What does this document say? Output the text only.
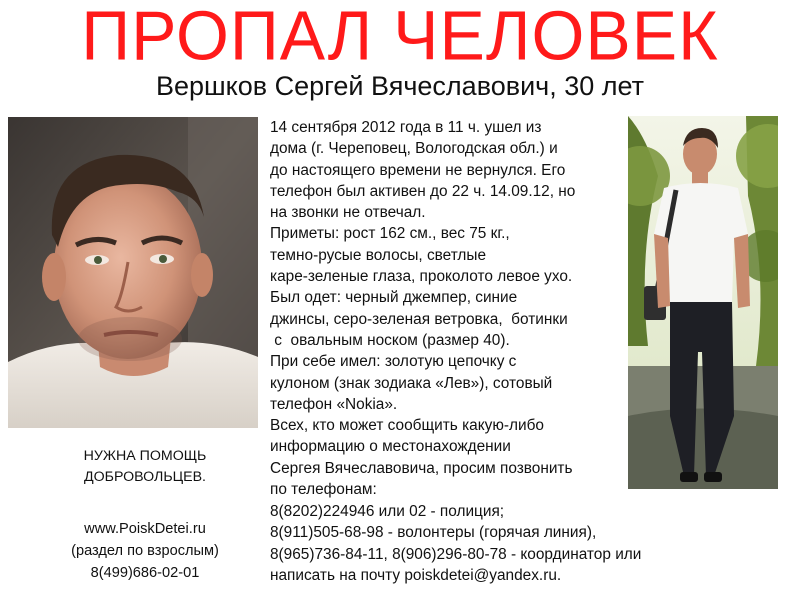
ПРОПАЛ ЧЕЛОВЕК
Вершков Сергей Вячеславович, 30 лет
14 сентября 2012 года в 11 ч. ушел из
дома (г. Череповец, Вологодская обл.) и
до настоящего времени не вернулся. Его
телефон был активен до 22 ч. 14.09.12, но
на звонки не отвечал.
Приметы: рост 162 см., вес 75 кг.,
темно-русые волосы, светлые
каре-зеленые глаза, проколото левое ухо.
Был одет: черный джемпер, синие
джинсы, серо-зеленая ветровка,  ботинки
с  овальным носком (размер 40).
При себе имел: золотую цепочку с
кулоном (знак зодиака «Лев»), сотовый
телефон «Nokia».
Всех, кто может сообщить какую-либо
информацию о местонахождении
Сергея Вячеславовича, просим позвонить
по телефонам:
8(8202)224946 или 02 - полиция;
8(911)505-68-98 - волонтеры (горячая линия),
8(965)736-84-11, 8(906)296-80-78 - координатор или
написать на почту poiskdetei@yandex.ru.
НУЖНА ПОМОЩЬ
ДОБРОВОЛЬЦЕВ.
www.PoiskDetei.ru
(раздел по взрослым)
8(499)686-02-01
